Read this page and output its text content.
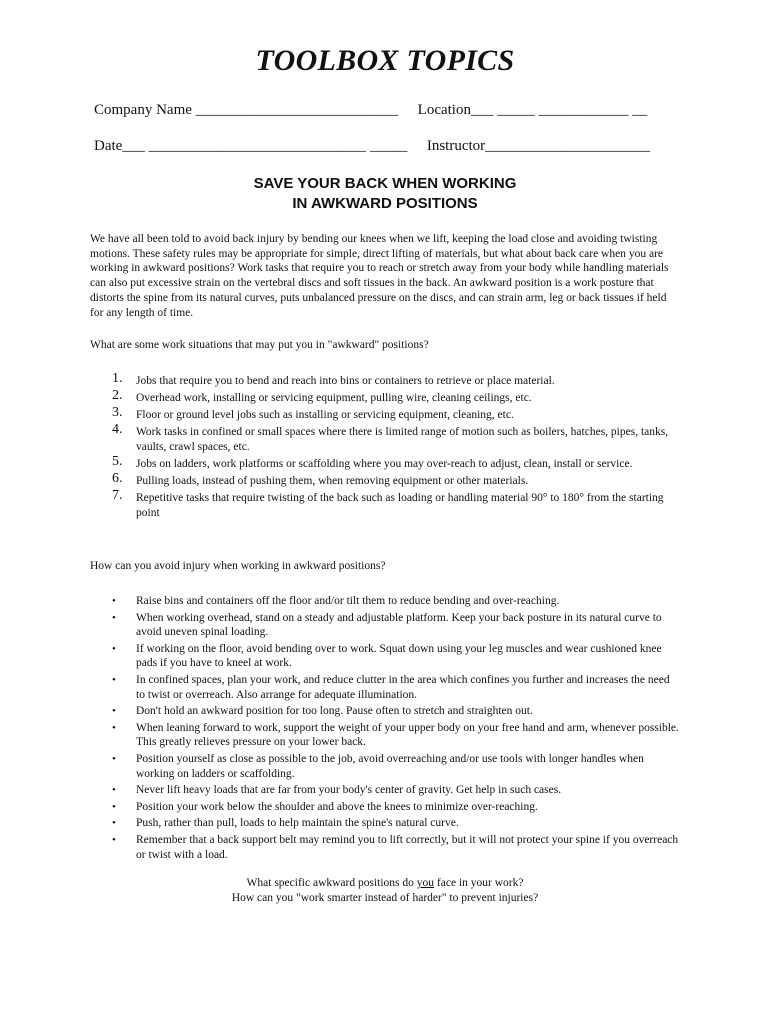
TOOLBOX TOPICS
Company Name ___________________________ Location___ _____ ____________ __
Date___ _____________________________ _____ Instructor______________________
SAVE YOUR BACK WHEN WORKING
IN AWKWARD POSITIONS

We have all been told to avoid back injury by bending our knees when we lift, keeping the load close and avoiding twisting motions. These safety rules may be appropriate for simple, direct lifting of materials, but what about back care when you are working in awkward positions? Work tasks that require you to reach or stretch away from your body while handling materials can also put excessive strain on the vertebral discs and soft tissues in the back. An awkward position is a work posture that distorts the spine from its natural curves, puts unbalanced pressure on the discs, and can strain arm, leg or back tissues if held for any length of time.

What are some work situations that may put you in "awkward" positions?

1. Jobs that require you to bend and reach into bins or containers to retrieve or place material.
2. Overhead work, installing or servicing equipment, pulling wire, cleaning ceilings, etc.
3. Floor or ground level jobs such as installing or servicing equipment, cleaning, etc.
4. Work tasks in confined or small spaces where there is limited range of motion such as boilers, hatches, pipes, tanks, vaults, crawl spaces, etc.
5. Jobs on ladders, work platforms or scaffolding where you may over-reach to adjust, clean, install or service.
6. Pulling loads, instead of pushing them, when removing equipment or other materials.
7. Repetitive tasks that require twisting of the back such as loading or handling material 90° to 180° from the starting point

How can you avoid injury when working in awkward positions?

• Raise bins and containers off the floor and/or tilt them to reduce bending and over-reaching.
• When working overhead, stand on a steady and adjustable platform. Keep your back posture in its natural curve to avoid uneven spinal loading.
• If working on the floor, avoid bending over to work. Squat down using your leg muscles and wear cushioned knee pads if you have to kneel at work.
• In confined spaces, plan your work, and reduce clutter in the area which confines you further and increases the need to twist or overreach. Also arrange for adequate illumination.
• Don't hold an awkward position for too long. Pause often to stretch and straighten out.
• When leaning forward to work, support the weight of your upper body on your free hand and arm, whenever possible. This greatly relieves pressure on your lower back.
• Position yourself as close as possible to the job, avoid overreaching and/or use tools with longer handles when working on ladders or scaffolding.
• Never lift heavy loads that are far from your body's center of gravity. Get help in such cases.
• Position your work below the shoulder and above the knees to minimize over-reaching.
• Push, rather than pull, loads to help maintain the spine's natural curve.
• Remember that a back support belt may remind you to lift correctly, but it will not protect your spine if you overreach or twist with a load.

What specific awkward positions do you face in your work?

How can you "work smarter instead of harder" to prevent injuries?
